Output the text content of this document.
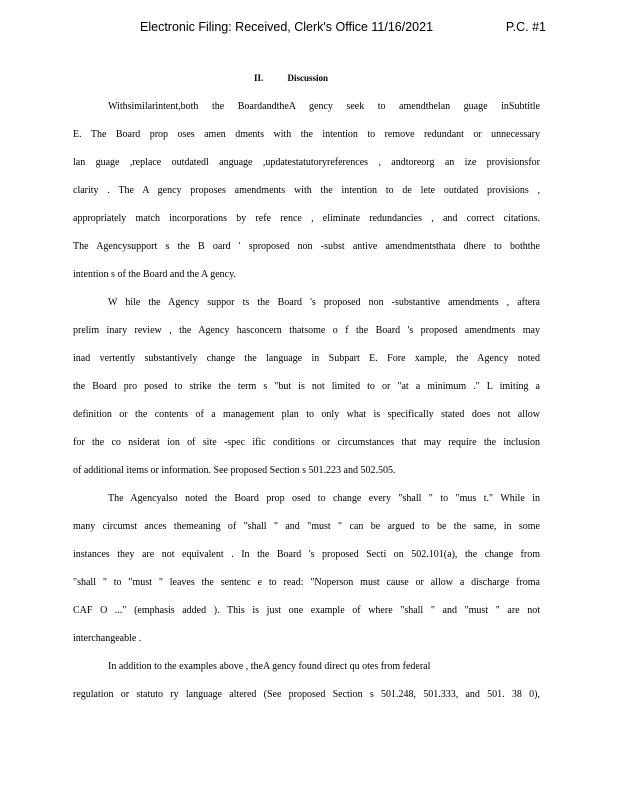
Electronic Filing: Received, Clerk's Office 11/16/2021	P.C. #1
II.	Discussion
Withsimilarintent,both the BoardandtheA gency seek to amendthelan guage inSubtitle
E. The Board prop oses amen dments with the intention to remove redundant or unnecessary
lan guage ,replace outdatedl anguage ,updatestatutoryreferences , andtoreorg an ize provisionsfor
clarity . The A gency proposes amendments with the intention to de lete outdated provisions ,
appropriately match incorporations by refe rence , eliminate redundancies , and correct citations.
The Agencysupport s the B oard ' sproposed non -subst antive amendmentsthata dhere to boththe
intention s of the Board and the A gency.
W hile the Agency suppor ts the Board 's proposed non -substantive amendments , aftera
prelim inary review , the Agency hasconcern thatsome o f the Board 's proposed amendments may
inad vertently substantively change the language in Subpart E. Fore xample, the Agency noted
the Board pro posed to strike the term s "but is not limited to or "at a minimum ." L imiting a
definition or the contents of a management plan to only what is specifically stated does not allow
for the co nsiderat ion of site -spec ific conditions or circumstances that may require the inclusion
of additional items or information. See proposed Section s 501.223 and 502.505.
The Agencyalso noted the Board prop osed to change every "shall " to "mus t." While in
many circumst ances themeaning of "shall " and "must " can be argued to be the same, in some
instances they are not equivalent . In the Board 's proposed Secti on 502.101(a), the change from
"shall " to "must " leaves the sentenc e to read: "Noperson must cause or allow a discharge froma
CAF O ..." (emphasis added ). This is just one example of where "shall " and "must " are not
interchangeable .
In addition to the examples above , theA gency found direct qu otes from federal
regulation or statuto ry language altered (See proposed Section s 501.248, 501.333, and 501. 38 0),
